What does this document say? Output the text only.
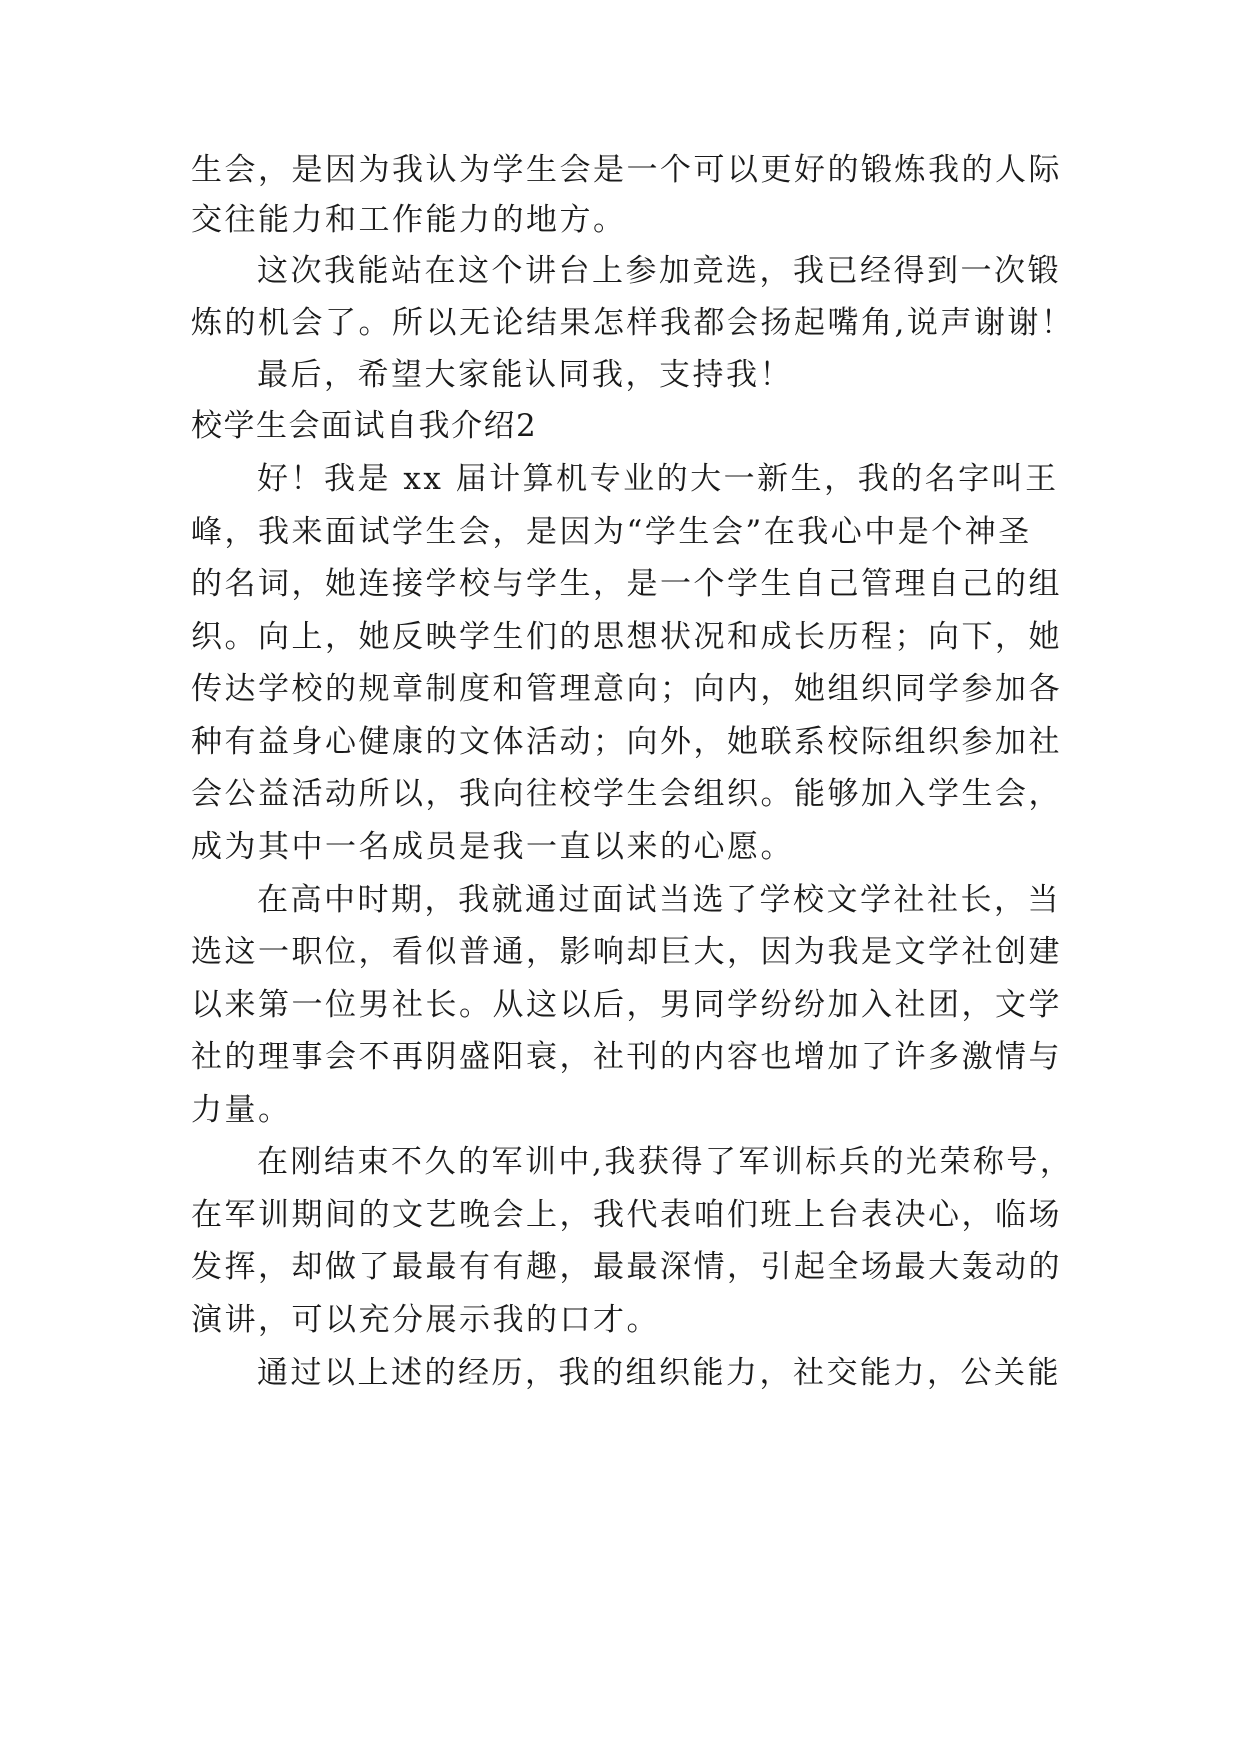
生会，是因为我认为学生会是一个可以更好的锻炼我的人际
交往能力和工作能力的地方。
这次我能站在这个讲台上参加竞选，我已经得到一次锻
炼的机会了。所以无论结果怎样我都会扬起嘴角,说声谢谢！
最后，希望大家能认同我，支持我！
校学生会面试自我介绍2
好！我是 xx 届计算机专业的大一新生，我的名字叫王
峰，我来面试学生会，是因为“学生会”在我心中是个神圣
的名词，她连接学校与学生，是一个学生自己管理自己的组
织。向上，她反映学生们的思想状况和成长历程；向下，她
传达学校的规章制度和管理意向；向内，她组织同学参加各
种有益身心健康的文体活动；向外，她联系校际组织参加社
会公益活动所以，我向往校学生会组织。能够加入学生会，
成为其中一名成员是我一直以来的心愿。
在高中时期，我就通过面试当选了学校文学社社长，当
选这一职位，看似普通，影响却巨大，因为我是文学社创建
以来第一位男社长。从这以后，男同学纷纷加入社团，文学
社的理事会不再阴盛阳衰，社刊的内容也增加了许多激情与
力量。
在刚结束不久的军训中,我获得了军训标兵的光荣称号，
在军训期间的文艺晚会上，我代表咱们班上台表决心，临场
发挥，却做了最最有有趣，最最深情，引起全场最大轰动的
演讲，可以充分展示我的口才。
通过以上述的经历，我的组织能力，社交能力，公关能
